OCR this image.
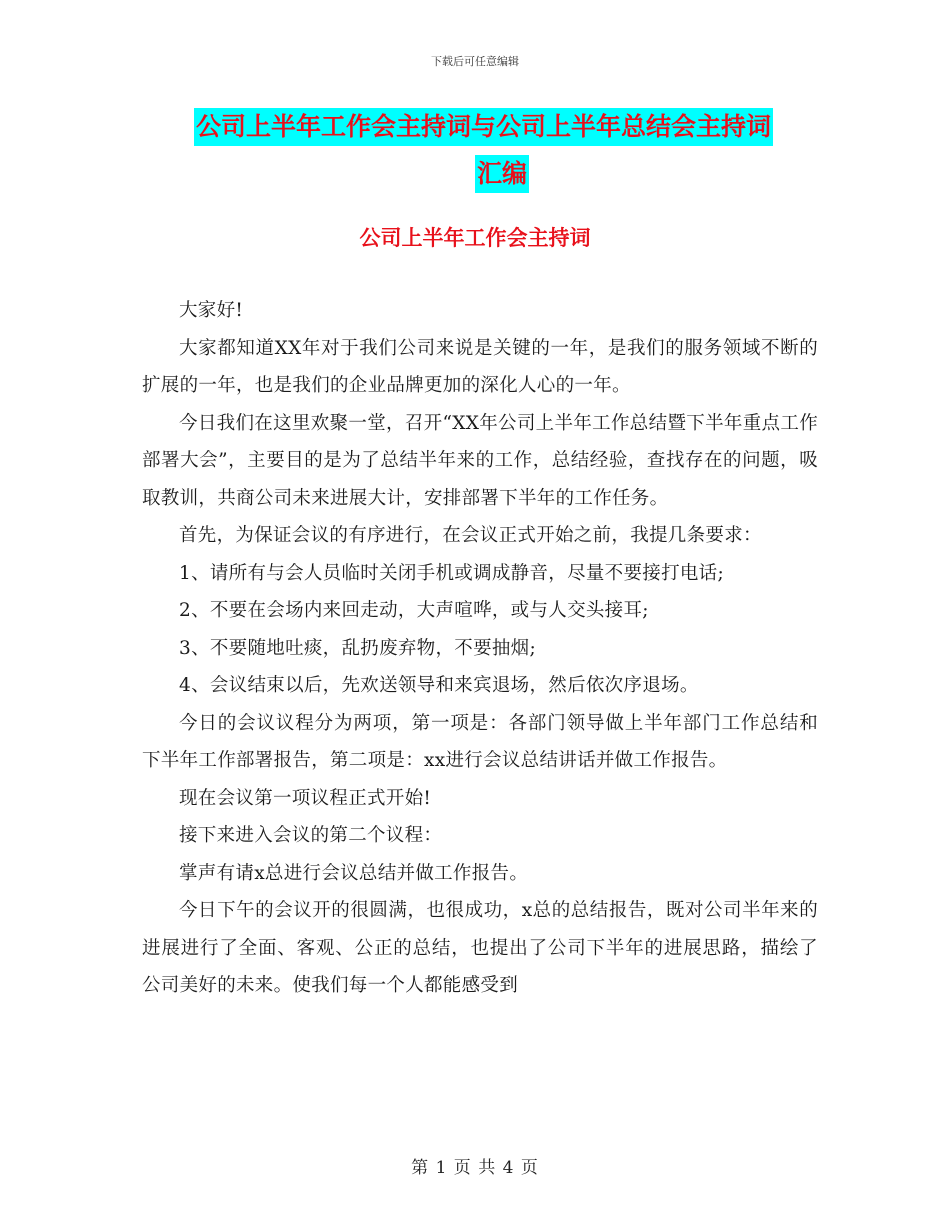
下载后可任意编辑
公司上半年工作会主持词与公司上半年总结会主持词
汇编
公司上半年工作会主持词

大家好!

大家都知道XX年对于我们公司来说是关键的一年，是我们的服务领域不断的扩展的一年，也是我们的企业品牌更加的深化人心的一年。

今日我们在这里欢聚一堂，召开“XX年公司上半年工作总结暨下半年重点工作部署大会”，主要目的是为了总结半年来的工作，总结经验，查找存在的问题，吸取教训，共商公司未来进展大计，安排部署下半年的工作任务。

首先，为保证会议的有序进行，在会议正式开始之前，我提几条要求：

1、请所有与会人员临时关闭手机或调成静音，尽量不要接打电话;

2、不要在会场内来回走动，大声喧哗，或与人交头接耳;

3、不要随地吐痰，乱扔废弃物，不要抽烟;

4、会议结束以后，先欢送领导和来宾退场，然后依次序退场。

今日的会议议程分为两项，第一项是：各部门领导做上半年部门工作总结和下半年工作部署报告，第二项是：xx进行会议总结讲话并做工作报告。

现在会议第一项议程正式开始!

接下来进入会议的第二个议程：

掌声有请x总进行会议总结并做工作报告。

今日下午的会议开的很圆满，也很成功，x总的总结报告，既对公司半年来的进展进行了全面、客观、公正的总结，也提出了公司下半年的进展思路，描绘了公司美好的未来。使我们每一个人都能感受到

第 1 页 共 4 页
